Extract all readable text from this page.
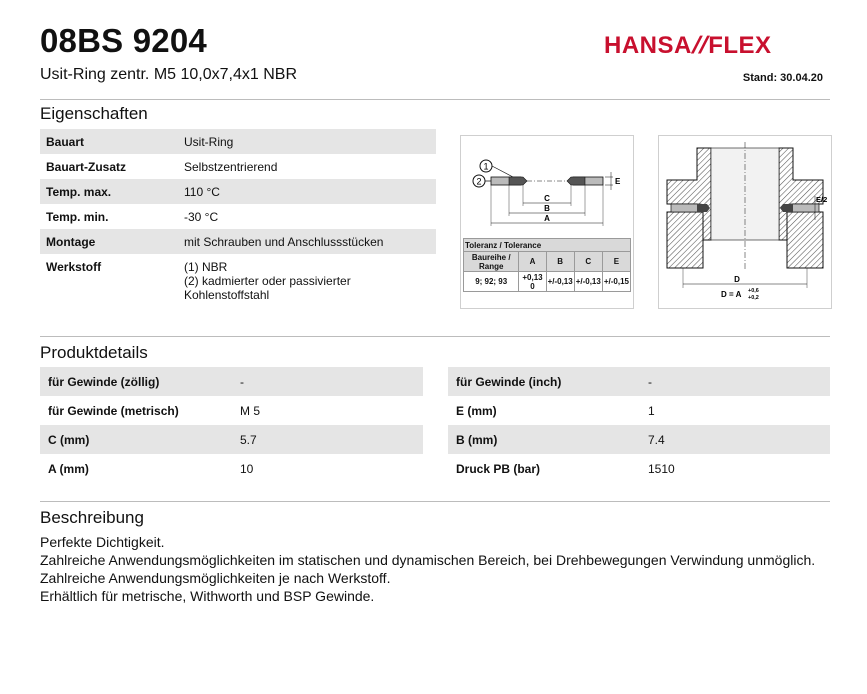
08BS 9204
Usit-Ring zentr. M5 10,0x7,4x1 NBR
HANSA//FLEX
Stand: 30.04.20
Eigenschaften
Bauart	Usit-Ring
Bauart-Zusatz	Selbstzentrierend
Temp. max.	110 °C
Temp. min.	-30 °C
Montage	mit Schrauben und Anschlussstücken
Werkstoff	(1) NBR
(2) kadmierter oder passivierter Kohlenstoffstahl
1
2	E
C
B
A
Toleranz / Tolerance				
Baureihe / Range	A	B	C	E
9; 92; 93	+0,13 0	+/-0,13	+/-0,13	+/-0,15
E/2
D
D = A +0,6
+0,2
Produktdetails
für Gewinde (zöllig)	-
für Gewinde (metrisch)	M 5
C (mm)	5.7
A (mm)	10
für Gewinde (inch)	-
E (mm)	1
B (mm)	7.4
Druck PB (bar)	1510
Beschreibung
Perfekte Dichtigkeit.
Zahlreiche Anwendungsmöglichkeiten im statischen und dynamischen Bereich, bei Drehbewegungen Verwindung unmöglich.
Zahlreiche Anwendungsmöglichkeiten je nach Werkstoff.
Erhältlich für metrische, Withworth und BSP Gewinde.
